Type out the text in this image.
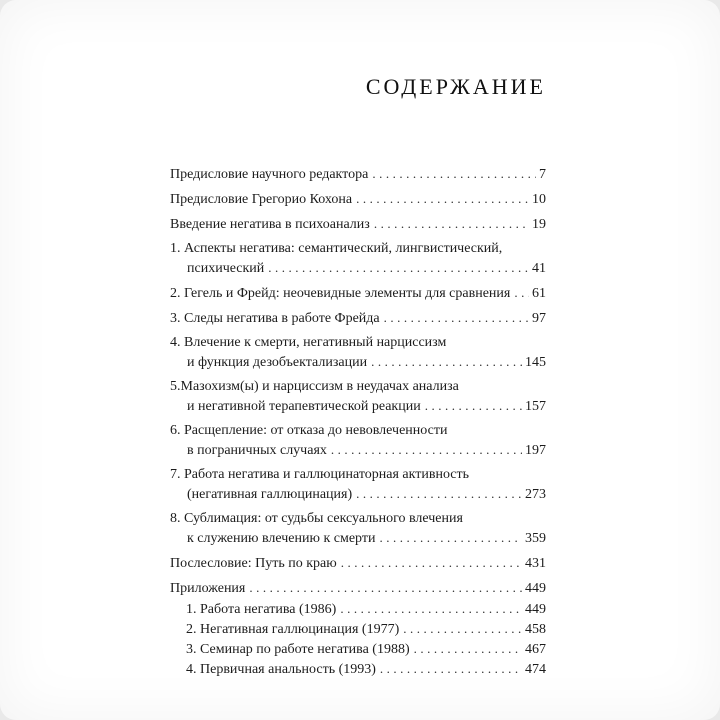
СОДЕРЖАНИЕ
Предисловие научного редактора .....	7
Предисловие Грегорио Кохона .....	10
Введение негатива в психоанализ .....	19
1. Аспекты негатива: семантический, лингвистический,
психический .....	41
2. Гегель и Фрейд: неочевидные элементы для сравнения ..... 61
3. Следы негатива в работе Фрейда .....	97
4. Влечение к смерти, негативный нарциссизм
и функция дезобъектализации .....	145
5.Мазохизм(ы) и нарциссизм в неудачах анализа
и негативной терапевтической реакции .....	157
6. Расщепление: от отказа до невовлеченности
в пограничных случаях .....	197
7. Работа негатива и галлюцинаторная активность
(негативная галлюцинация) .....	273
8. Сублимация: от судьбы сексуального влечения
к служению влечению к смерти .....	359
Послесловие: Путь по краю .....	431
Приложения .....	449
1. Работа негатива (1986) .....	449
2. Негативная галлюцинация (1977) .....	458
3. Семинар по работе негатива (1988) .....	467
4. Первичная анальность (1993) .....	474
